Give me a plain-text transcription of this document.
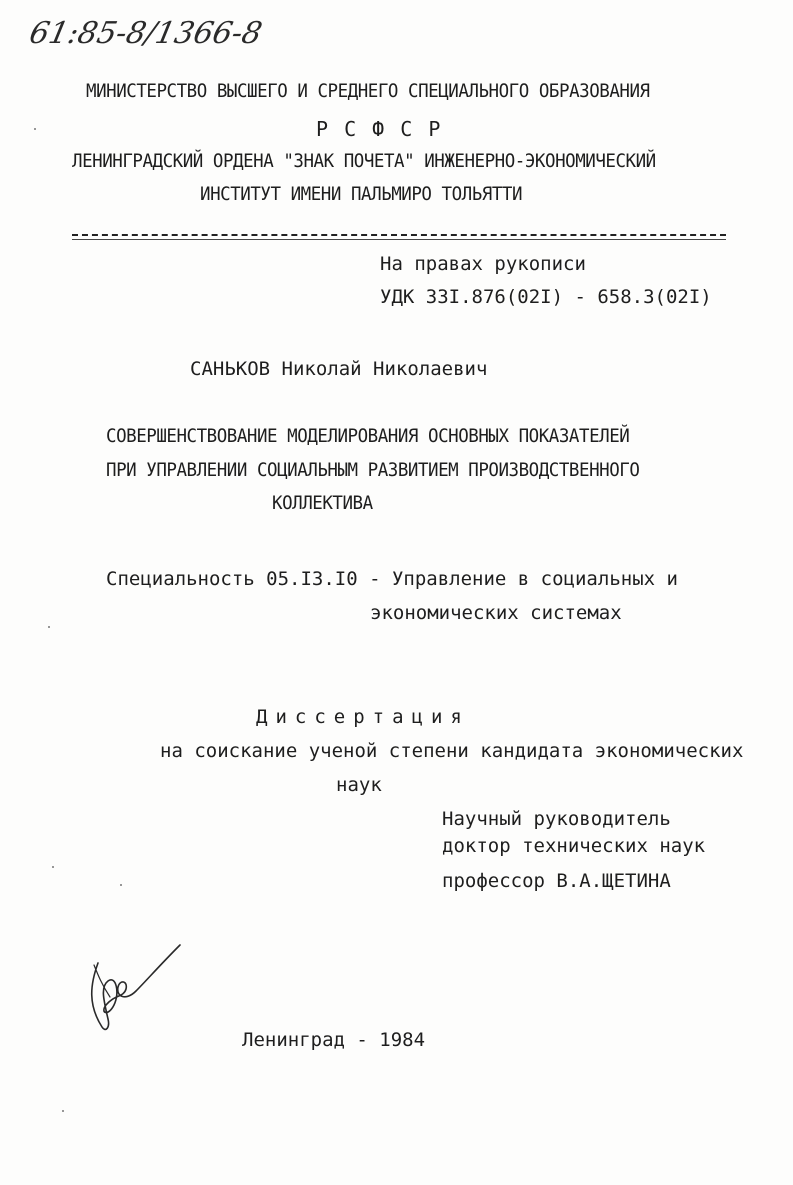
61:85-8/1366-8
МИНИСТЕРСТВО ВЫСШЕГО И СРЕДНЕГО СПЕЦИАЛЬНОГО ОБРАЗОВАНИЯ
Р С Ф С Р
ЛЕНИНГРАДСКИЙ ОРДЕНА "ЗНАК ПОЧЕТА" ИНЖЕНЕРНО-ЭКОНОМИЧЕСКИЙ
ИНСТИТУТ ИМЕНИ ПАЛЬМИРО ТОЛЬЯТТИ
На правах рукописи
УДК 33I.876(02I) - 658.3(02I)
САНЬКОВ Николай Николаевич
СОВЕРШЕНСТВОВАНИЕ МОДЕЛИРОВАНИЯ ОСНОВНЫХ ПОКАЗАТЕЛЕЙ
ПРИ УПРАВЛЕНИИ СОЦИАЛЬНЫМ РАЗВИТИЕМ ПРОИЗВОДСТВЕННОГО
КОЛЛЕКТИВА
Специальность 05.I3.I0 - Управление в социальных и
экономических системах
Диссертация
на соискание ученой степени кандидата экономических
наук
Научный руководитель
доктор технических наук
профессор В.А.ЩЕТИНА
Ленинград - 1984
